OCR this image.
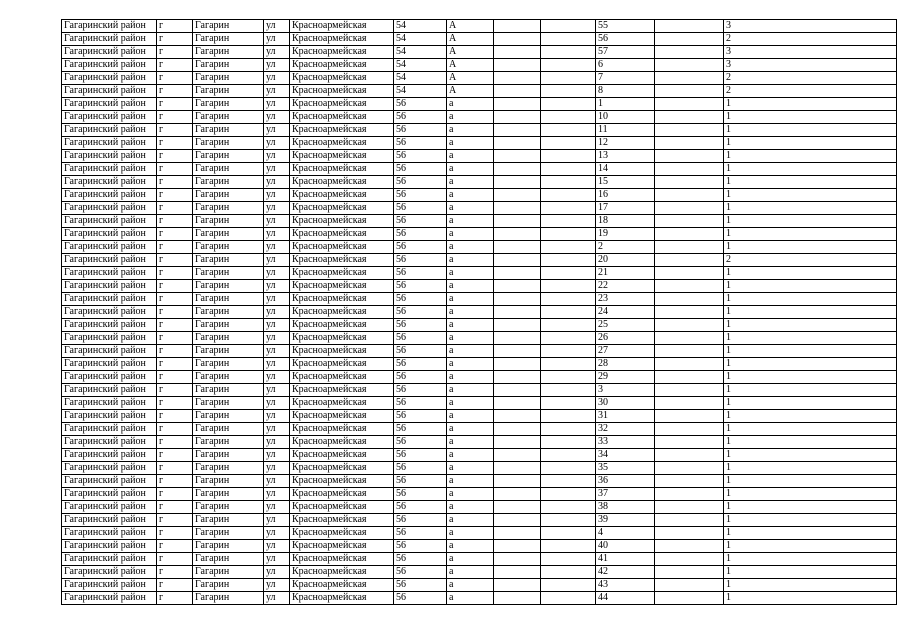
Гагаринский район	г	Гагарин	ул	Красноармейская	54	А			55		3
Гагаринский район	г	Гагарин	ул	Красноармейская	54	А			56		2
Гагаринский район	г	Гагарин	ул	Красноармейская	54	А			57		3
Гагаринский район	г	Гагарин	ул	Красноармейская	54	А			6		3
Гагаринский район	г	Гагарин	ул	Красноармейская	54	А			7		2
Гагаринский район	г	Гагарин	ул	Красноармейская	54	А			8		2
Гагаринский район	г	Гагарин	ул	Красноармейская	56	а			1		1
Гагаринский район	г	Гагарин	ул	Красноармейская	56	а			10		1
Гагаринский район	г	Гагарин	ул	Красноармейская	56	а			11		1
Гагаринский район	г	Гагарин	ул	Красноармейская	56	а			12		1
Гагаринский район	г	Гагарин	ул	Красноармейская	56	а			13		1
Гагаринский район	г	Гагарин	ул	Красноармейская	56	а			14		1
Гагаринский район	г	Гагарин	ул	Красноармейская	56	а			15		1
Гагаринский район	г	Гагарин	ул	Красноармейская	56	а			16		1
Гагаринский район	г	Гагарин	ул	Красноармейская	56	а			17		1
Гагаринский район	г	Гагарин	ул	Красноармейская	56	а			18		1
Гагаринский район	г	Гагарин	ул	Красноармейская	56	а			19		1
Гагаринский район	г	Гагарин	ул	Красноармейская	56	а			2		1
Гагаринский район	г	Гагарин	ул	Красноармейская	56	а			20		2
Гагаринский район	г	Гагарин	ул	Красноармейская	56	а			21		1
Гагаринский район	г	Гагарин	ул	Красноармейская	56	а			22		1
Гагаринский район	г	Гагарин	ул	Красноармейская	56	а			23		1
Гагаринский район	г	Гагарин	ул	Красноармейская	56	а			24		1
Гагаринский район	г	Гагарин	ул	Красноармейская	56	а			25		1
Гагаринский район	г	Гагарин	ул	Красноармейская	56	а			26		1
Гагаринский район	г	Гагарин	ул	Красноармейская	56	а			27		1
Гагаринский район	г	Гагарин	ул	Красноармейская	56	а			28		1
Гагаринский район	г	Гагарин	ул	Красноармейская	56	а			29		1
Гагаринский район	г	Гагарин	ул	Красноармейская	56	а			3		1
Гагаринский район	г	Гагарин	ул	Красноармейская	56	а			30		1
Гагаринский район	г	Гагарин	ул	Красноармейская	56	а			31		1
Гагаринский район	г	Гагарин	ул	Красноармейская	56	а			32		1
Гагаринский район	г	Гагарин	ул	Красноармейская	56	а			33		1
Гагаринский район	г	Гагарин	ул	Красноармейская	56	а			34		1
Гагаринский район	г	Гагарин	ул	Красноармейская	56	а			35		1
Гагаринский район	г	Гагарин	ул	Красноармейская	56	а			36		1
Гагаринский район	г	Гагарин	ул	Красноармейская	56	а			37		1
Гагаринский район	г	Гагарин	ул	Красноармейская	56	а			38		1
Гагаринский район	г	Гагарин	ул	Красноармейская	56	а			39		1
Гагаринский район	г	Гагарин	ул	Красноармейская	56	а			4		1
Гагаринский район	г	Гагарин	ул	Красноармейская	56	а			40		1
Гагаринский район	г	Гагарин	ул	Красноармейская	56	а			41		1
Гагаринский район	г	Гагарин	ул	Красноармейская	56	а			42		1
Гагаринский район	г	Гагарин	ул	Красноармейская	56	а			43		1
Гагаринский район	г	Гагарин	ул	Красноармейская	56	а			44		1
